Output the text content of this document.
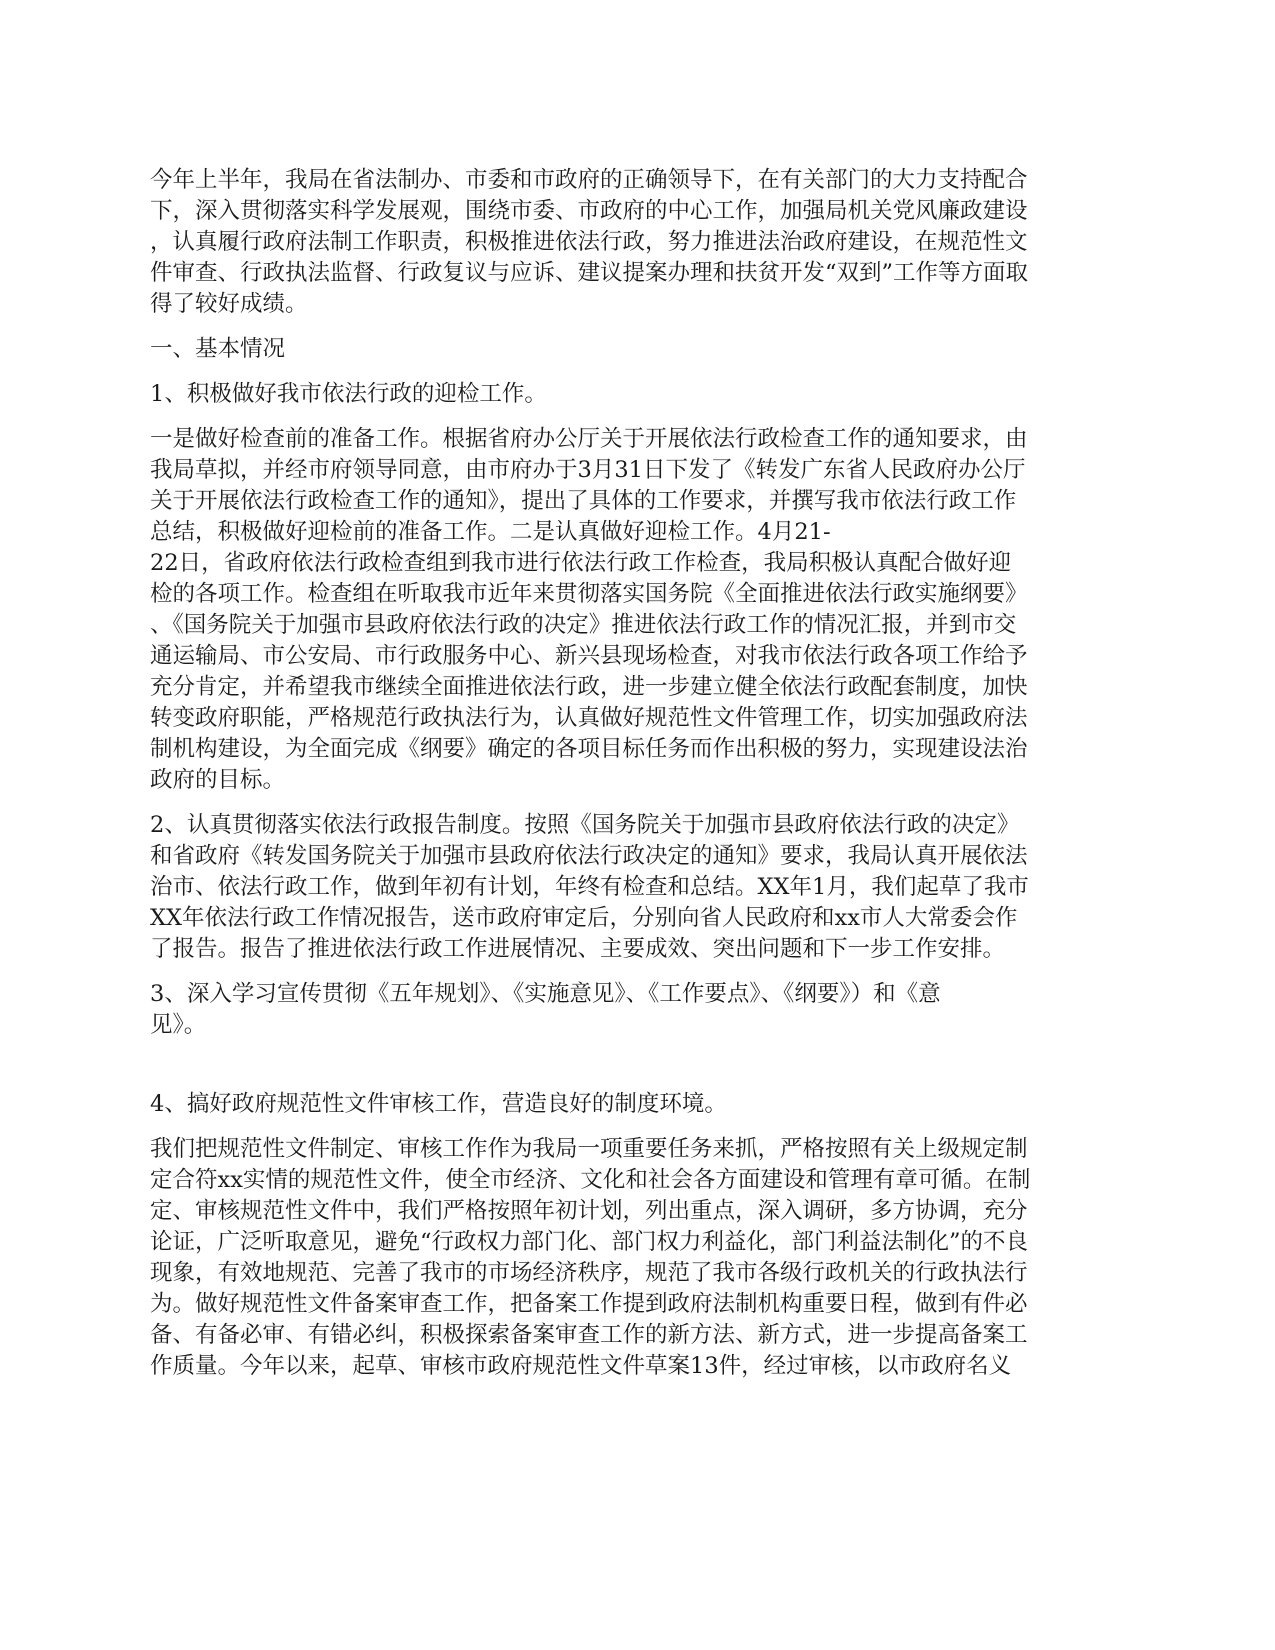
今年上半年，我局在省法制办、市委和市政府的正确领导下，在有关部门的大力支持配合
下，深入贯彻落实科学发展观，围绕市委、市政府的中心工作，加强局机关党风廉政建设
，认真履行政府法制工作职责，积极推进依法行政，努力推进法治政府建设，在规范性文
件审查、行政执法监督、行政复议与应诉、建议提案办理和扶贫开发“双到”工作等方面取
得了较好成绩。

一、基本情况

1、积极做好我市依法行政的迎检工作。

一是做好检查前的准备工作。根据省府办公厅关于开展依法行政检查工作的通知要求，由
我局草拟，并经市府领导同意，由市府办于3月31日下发了《转发广东省人民政府办公厅
关于开展依法行政检查工作的通知》，提出了具体的工作要求，并撰写我市依法行政工作
总结，积极做好迎检前的准备工作。二是认真做好迎检工作。4月21-
22日，省政府依法行政检查组到我市进行依法行政工作检查，我局积极认真配合做好迎
检的各项工作。检查组在听取我市近年来贯彻落实国务院《全面推进依法行政实施纲要》
、《国务院关于加强市县政府依法行政的决定》推进依法行政工作的情况汇报，并到市交
通运输局、市公安局、市行政服务中心、新兴县现场检查，对我市依法行政各项工作给予
充分肯定，并希望我市继续全面推进依法行政，进一步建立健全依法行政配套制度，加快
转变政府职能，严格规范行政执法行为，认真做好规范性文件管理工作，切实加强政府法
制机构建设，为全面完成《纲要》确定的各项目标任务而作出积极的努力，实现建设法治
政府的目标。

2、认真贯彻落实依法行政报告制度。按照《国务院关于加强市县政府依法行政的决定》
和省政府《转发国务院关于加强市县政府依法行政决定的通知》要求，我局认真开展依法
治市、依法行政工作，做到年初有计划，年终有检查和总结。XX年1月，我们起草了我市
XX年依法行政工作情况报告，送市政府审定后，分别向省人民政府和xx市人大常委会作
了报告。报告了推进依法行政工作进展情况、主要成效、突出问题和下一步工作安排。

3、深入学习宣传贯彻《五年规划》、《实施意见》、《工作要点》、《纲要》）和《意
见》。

4、搞好政府规范性文件审核工作，营造良好的制度环境。

我们把规范性文件制定、审核工作作为我局一项重要任务来抓，严格按照有关上级规定制
定合符xx实情的规范性文件，使全市经济、文化和社会各方面建设和管理有章可循。在制
定、审核规范性文件中，我们严格按照年初计划，列出重点，深入调研，多方协调，充分
论证，广泛听取意见，避免“行政权力部门化、部门权力利益化，部门利益法制化”的不良
现象，有效地规范、完善了我市的市场经济秩序，规范了我市各级行政机关的行政执法行
为。做好规范性文件备案审查工作，把备案工作提到政府法制机构重要日程，做到有件必
备、有备必审、有错必纠，积极探索备案审查工作的新方法、新方式，进一步提高备案工
作质量。今年以来，起草、审核市政府规范性文件草案13件，经过审核，以市政府名义
